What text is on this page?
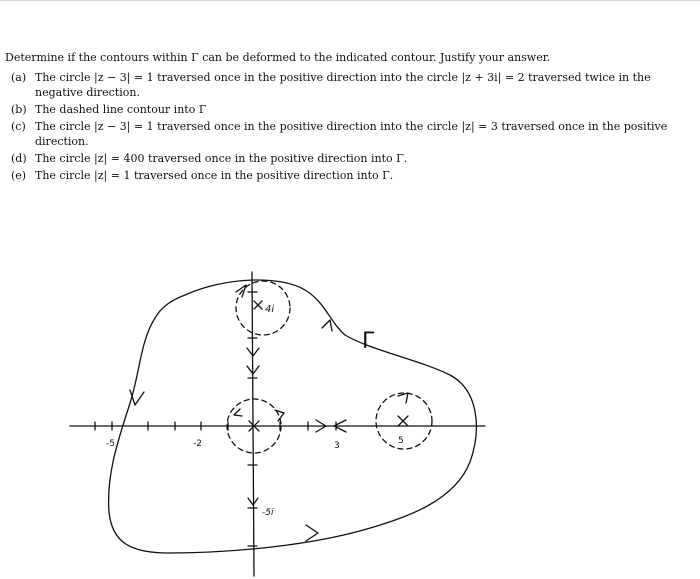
Determine if the contours within Γ can be deformed to the indicated contour. Justify your answer.

(a) The circle |z − 3| = 1 traversed once in the positive direction into the circle |z + 3i| = 2 traversed twice in the negative direction.
(b) The dashed line contour into Γ
(c) The circle |z − 3| = 1 traversed once in the positive direction into the circle |z| = 3 traversed once in the positive direction.
(d) The circle |z| = 400 traversed once in the positive direction into Γ.
(e) The circle |z| = 1 traversed once in the positive direction into Γ.
Γ
-5	-2	3	5
4i
-5i
